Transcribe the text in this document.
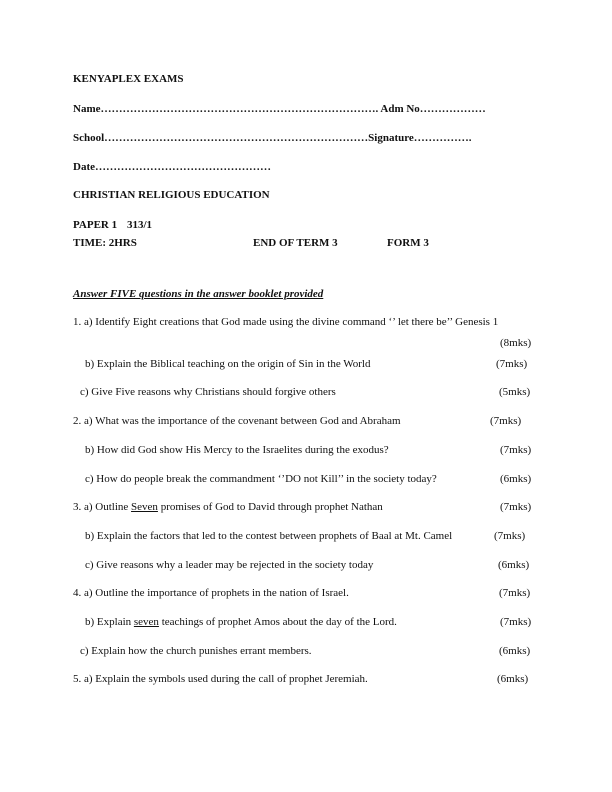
KENYAPLEX EXAMS
Name…………………………………………………………………. Adm No………………
School………………………………………………………………Signature…………….
Date…………………………………………
CHRISTIAN RELIGIOUS EDUCATION
PAPER 1 313/1
TIME: 2HRS	END OF TERM 3	FORM 3
Answer FIVE questions in the answer booklet provided
1. a) Identify Eight creations that God made using the divine command ‘’ let there be’’ Genesis 1
(8mks)
b) Explain the Biblical teaching on the origin of Sin in the World	(7mks)
c) Give Five reasons why Christians should forgive others	(5mks)
2. a) What was the importance of the covenant between God and Abraham	(7mks)
b) How did God show His Mercy to the Israelites during the exodus?	(7mks)
c) How do people break the commandment ‘’DO not Kill’’ in the society today?	(6mks)
3. a) Outline Seven promises of God to David through prophet Nathan	(7mks)
b) Explain the factors that led to the contest between prophets of Baal at Mt. Camel	(7mks)
c) Give reasons why a leader may be rejected in the society today	(6mks)
4. a) Outline the importance of prophets in the nation of Israel.	(7mks)
b) Explain seven teachings of prophet Amos about the day of the Lord.	(7mks)
c) Explain how the church punishes errant members.	(6mks)
5. a) Explain the symbols used during the call of prophet Jeremiah.	(6mks)
